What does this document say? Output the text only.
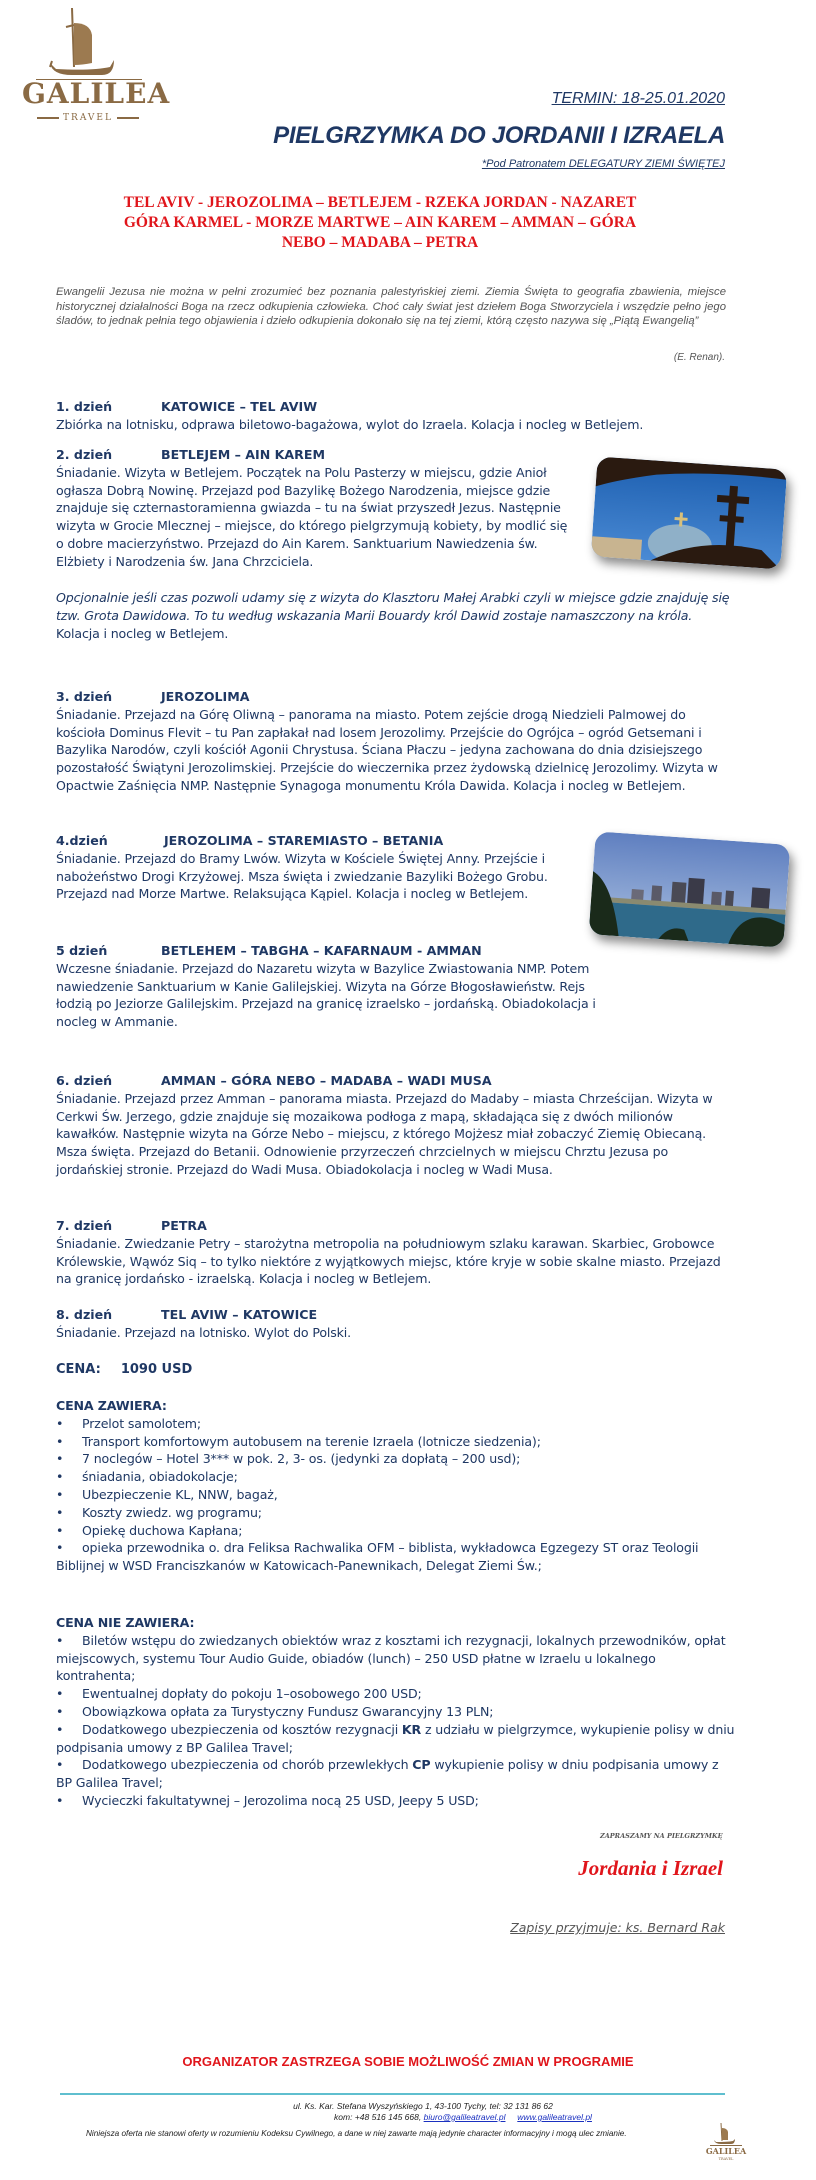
GALILEA
TRAVEL
TERMIN: 18-25.01.2020
PIELGRZYMKA DO JORDANII I IZRAELA
*Pod Patronatem DELEGATURY ZIEMI ŚWIĘTEJ
TEL AVIV - JEROZOLIMA – BETLEJEM - RZEKA JORDAN - NAZARET
GÓRA KARMEL - MORZE MARTWE – AIN KAREM – AMMAN – GÓRA
NEBO – MADABA – PETRA
Ewangelii Jezusa nie można w pełni zrozumieć bez poznania palestyńskiej ziemi. Ziemia Święta to geografia zbawienia, miejsce historycznej działalności Boga na rzecz odkupienia człowieka. Choć cały świat jest dziełem Boga Stworzyciela i wszędzie pełno jego śladów, to jednak pełnia tego objawienia i dzieło odkupienia dokonało się na tej ziemi, którą często nazywa się „Piątą Ewangelią”
(E. Renan).
1. dzień	KATOWICE – TEL AVIW
Zbiórka na lotnisku, odprawa biletowo-bagażowa, wylot do Izraela. Kolacja i nocleg w Betlejem.
2. dzień	BETLEJEM – AIN KAREM
Śniadanie. Wizyta w Betlejem. Początek na Polu Pasterzy w miejscu, gdzie Anioł ogłasza Dobrą Nowinę. Przejazd pod Bazylikę Bożego Narodzenia, miejsce gdzie znajduje się czternastoramienna gwiazda – tu na świat przyszedł Jezus. Następnie wizyta w Grocie Mlecznej – miejsce, do którego pielgrzymują kobiety, by modlić się o dobre macierzyństwo. Przejazd do Ain Karem. Sanktuarium Nawiedzenia św. Elżbiety i Narodzenia św. Jana Chrzciciela.
Opcjonalnie jeśli czas pozwoli udamy się z wizyta do Klasztoru Małej Arabki czyli w miejsce gdzie znajduję się tzw. Grota Dawidowa. To tu według wskazania Marii Bouardy król Dawid zostaje namaszczony na króla. Kolacja i nocleg w Betlejem.
3. dzień	JEROZOLIMA
Śniadanie. Przejazd na Górę Oliwną – panorama na miasto. Potem zejście drogą Niedzieli Palmowej do kościoła Dominus Flevit – tu Pan zapłakał nad losem Jerozolimy. Przejście do Ogrójca – ogród Getsemani i Bazylika Narodów, czyli kościół Agonii Chrystusa. Ściana Płaczu – jedyna zachowana do dnia dzisiejszego pozostałość Świątyni Jerozolimskiej. Przejście do wieczernika przez żydowską dzielnicę Jerozolimy. Wizyta w Opactwie Zaśnięcia NMP. Następnie Synagoga monumentu Króla Dawida. Kolacja i nocleg w Betlejem.
4.dzień	JEROZOLIMA – STAREMIASTO – BETANIA
Śniadanie. Przejazd do Bramy Lwów. Wizyta w Kościele Świętej Anny. Przejście i nabożeństwo Drogi Krzyżowej. Msza święta i zwiedzanie Bazyliki Bożego Grobu. Przejazd nad Morze Martwe. Relaksująca Kąpiel. Kolacja i nocleg w Betlejem.
5 dzień	BETLEHEM – TABGHA – KAFARNAUM - AMMAN
Wczesne śniadanie. Przejazd do Nazaretu wizyta w Bazylice Zwiastowania NMP. Potem nawiedzenie Sanktuarium w Kanie Galilejskiej. Wizyta na Górze Błogosławieństw. Rejs łodzią po Jeziorze Galilejskim. Przejazd na granicę izraelsko – jordańską. Obiadokolacja i nocleg w Ammanie.
6. dzień	AMMAN – GÓRA NEBO – MADABA – WADI MUSA
Śniadanie. Przejazd przez Amman – panorama miasta. Przejazd do Madaby – miasta Chrześcijan. Wizyta w Cerkwi Św. Jerzego, gdzie znajduje się mozaikowa podłoga z mapą, składająca się z dwóch milionów kawałków. Następnie wizyta na Górze Nebo – miejscu, z którego Mojżesz miał zobaczyć Ziemię Obiecaną. Msza święta. Przejazd do Betanii. Odnowienie przyrzeczeń chrzcielnych w miejscu Chrztu Jezusa po jordańskiej stronie. Przejazd do Wadi Musa. Obiadokolacja i nocleg w Wadi Musa.
7. dzień	PETRA
Śniadanie. Zwiedzanie Petry – starożytna metropolia na południowym szlaku karawan. Skarbiec, Grobowce Królewskie, Wąwóz Siq – to tylko niektóre z wyjątkowych miejsc, które kryje w sobie skalne miasto. Przejazd na granicę jordańsko - izraelską. Kolacja i nocleg w Betlejem.
8. dzień	TEL AVIW – KATOWICE
Śniadanie. Przejazd na lotnisko. Wylot do Polski.
CENA: 1090 USD
CENA ZAWIERA:
• Przelot samolotem;
• Transport komfortowym autobusem na terenie Izraela (lotnicze siedzenia);
• 7 noclegów – Hotel 3*** w pok. 2, 3- os. (jedynki za dopłatą – 200 usd);
• śniadania, obiadokolacje;
• Ubezpieczenie KL, NNW, bagaż,
• Koszty zwiedz. wg programu;
• Opiekę duchowa Kapłana;
• opieka przewodnika o. dra Feliksa Rachwalika OFM – biblista, wykładowca Egzegezy ST oraz Teologii Biblijnej w WSD Franciszkanów w Katowicach-Panewnikach, Delegat Ziemi Św.;
CENA NIE ZAWIERA:
• Biletów wstępu do zwiedzanych obiektów wraz z kosztami ich rezygnacji, lokalnych przewodników, opłat miejscowych, systemu Tour Audio Guide, obiadów (lunch) – 250 USD płatne w Izraelu u lokalnego kontrahenta;
• Ewentualnej dopłaty do pokoju 1–osobowego 200 USD;
• Obowiązkowa opłata za Turystyczny Fundusz Gwarancyjny 13 PLN;
• Dodatkowego ubezpieczenia od kosztów rezygnacji KR z udziału w pielgrzymce, wykupienie polisy w dniu podpisania umowy z BP Galilea Travel;
• Dodatkowego ubezpieczenia od chorób przewlekłych CP wykupienie polisy w dniu podpisania umowy z BP Galilea Travel;
• Wycieczki fakultatywnej – Jerozolima nocą 25 USD, Jeepy 5 USD;
ZAPRASZAMY NA PIELGRZYMKĘ
Jordania i Izrael
Zapisy przyjmuje: ks. Bernard Rak
ORGANIZATOR ZASTRZEGA SOBIE MOŻLIWOŚĆ ZMIAN W PROGRAMIE
ul. Ks. Kar. Stefana Wyszyńskiego 1, 43-100 Tychy, tel: 32 131 86 62
kom: +48 516 145 668, biuro@galileatravel.pl www.galileatravel.pl
Niniejsza oferta nie stanowi oferty w rozumieniu Kodeksu Cywilnego, a dane w niej zawarte mają jedynie character informacyjny i mogą ulec zmianie.
GALILEA
TRAVEL
